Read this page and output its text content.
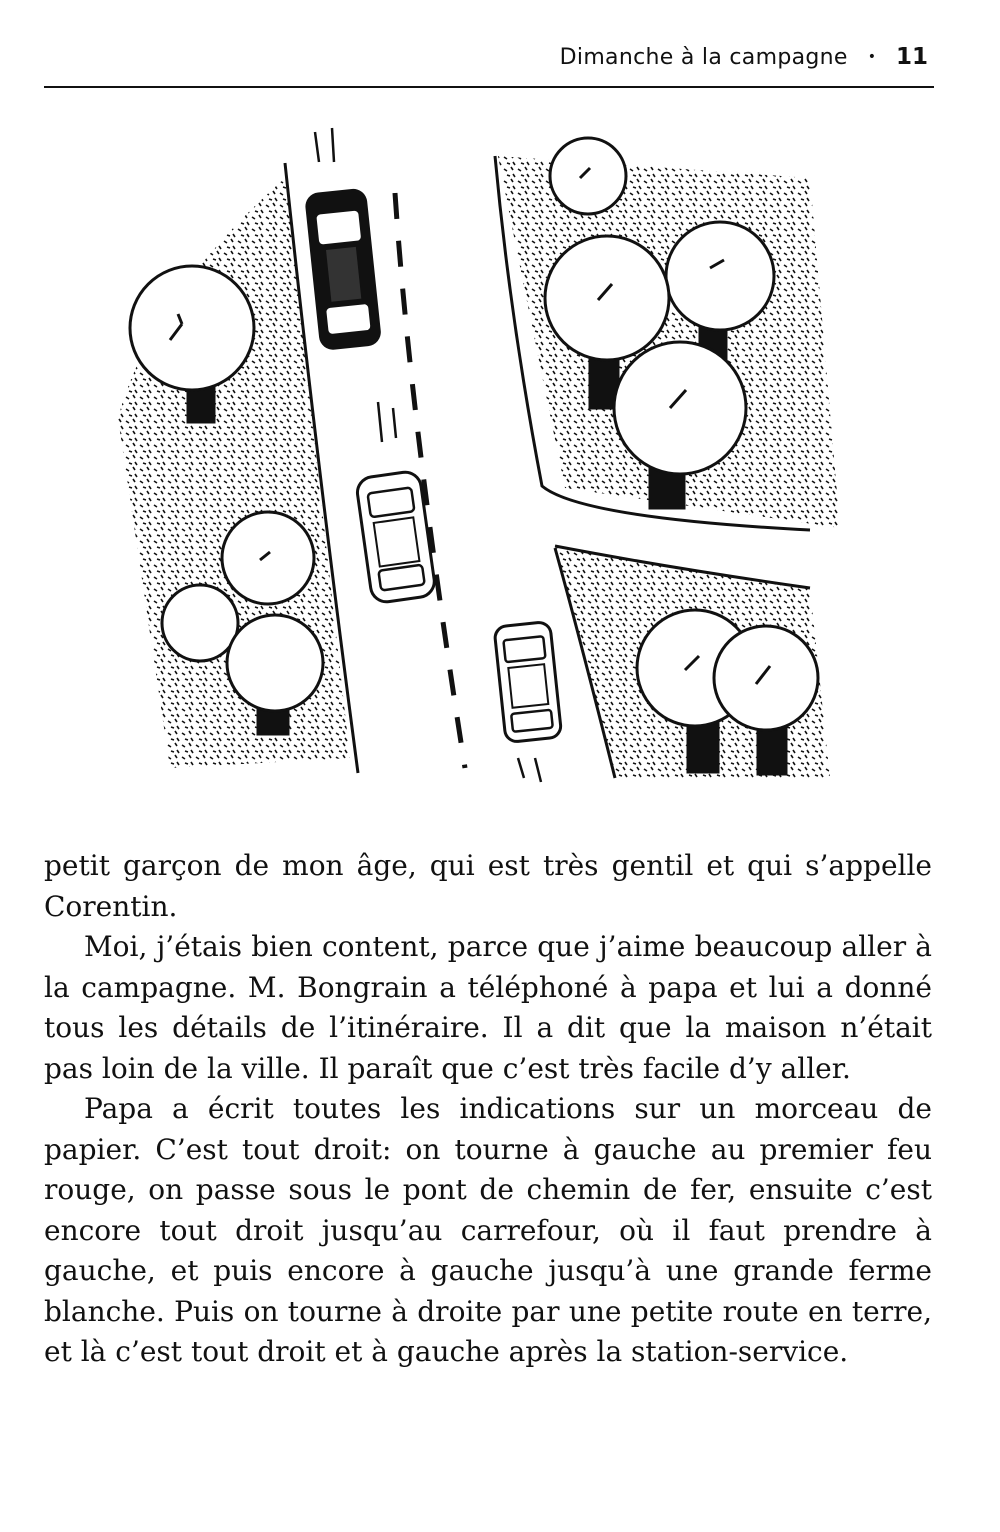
Dimanche à la campagne • 11

petit garçon de mon âge, qui est très gentil et qui s’appelle Corentin.

Moi, j’étais bien content, parce que j’aime beaucoup aller à la campagne. M. Bongrain a téléphoné à papa et lui a donné tous les détails de l’itinéraire. Il a dit que la maison n’était pas loin de la ville. Il paraît que c’est très facile d’y aller.

Papa a écrit toutes les indications sur un morceau de papier. C’est tout droit: on tourne à gauche au premier feu rouge, on passe sous le pont de chemin de fer, ensuite c’est encore tout droit jusqu’au carrefour, où il faut prendre à gauche, et puis encore à gauche jusqu’à une grande ferme blanche. Puis on tourne à droite par une petite route en terre, et là c’est tout droit et à gauche après la station-service.
